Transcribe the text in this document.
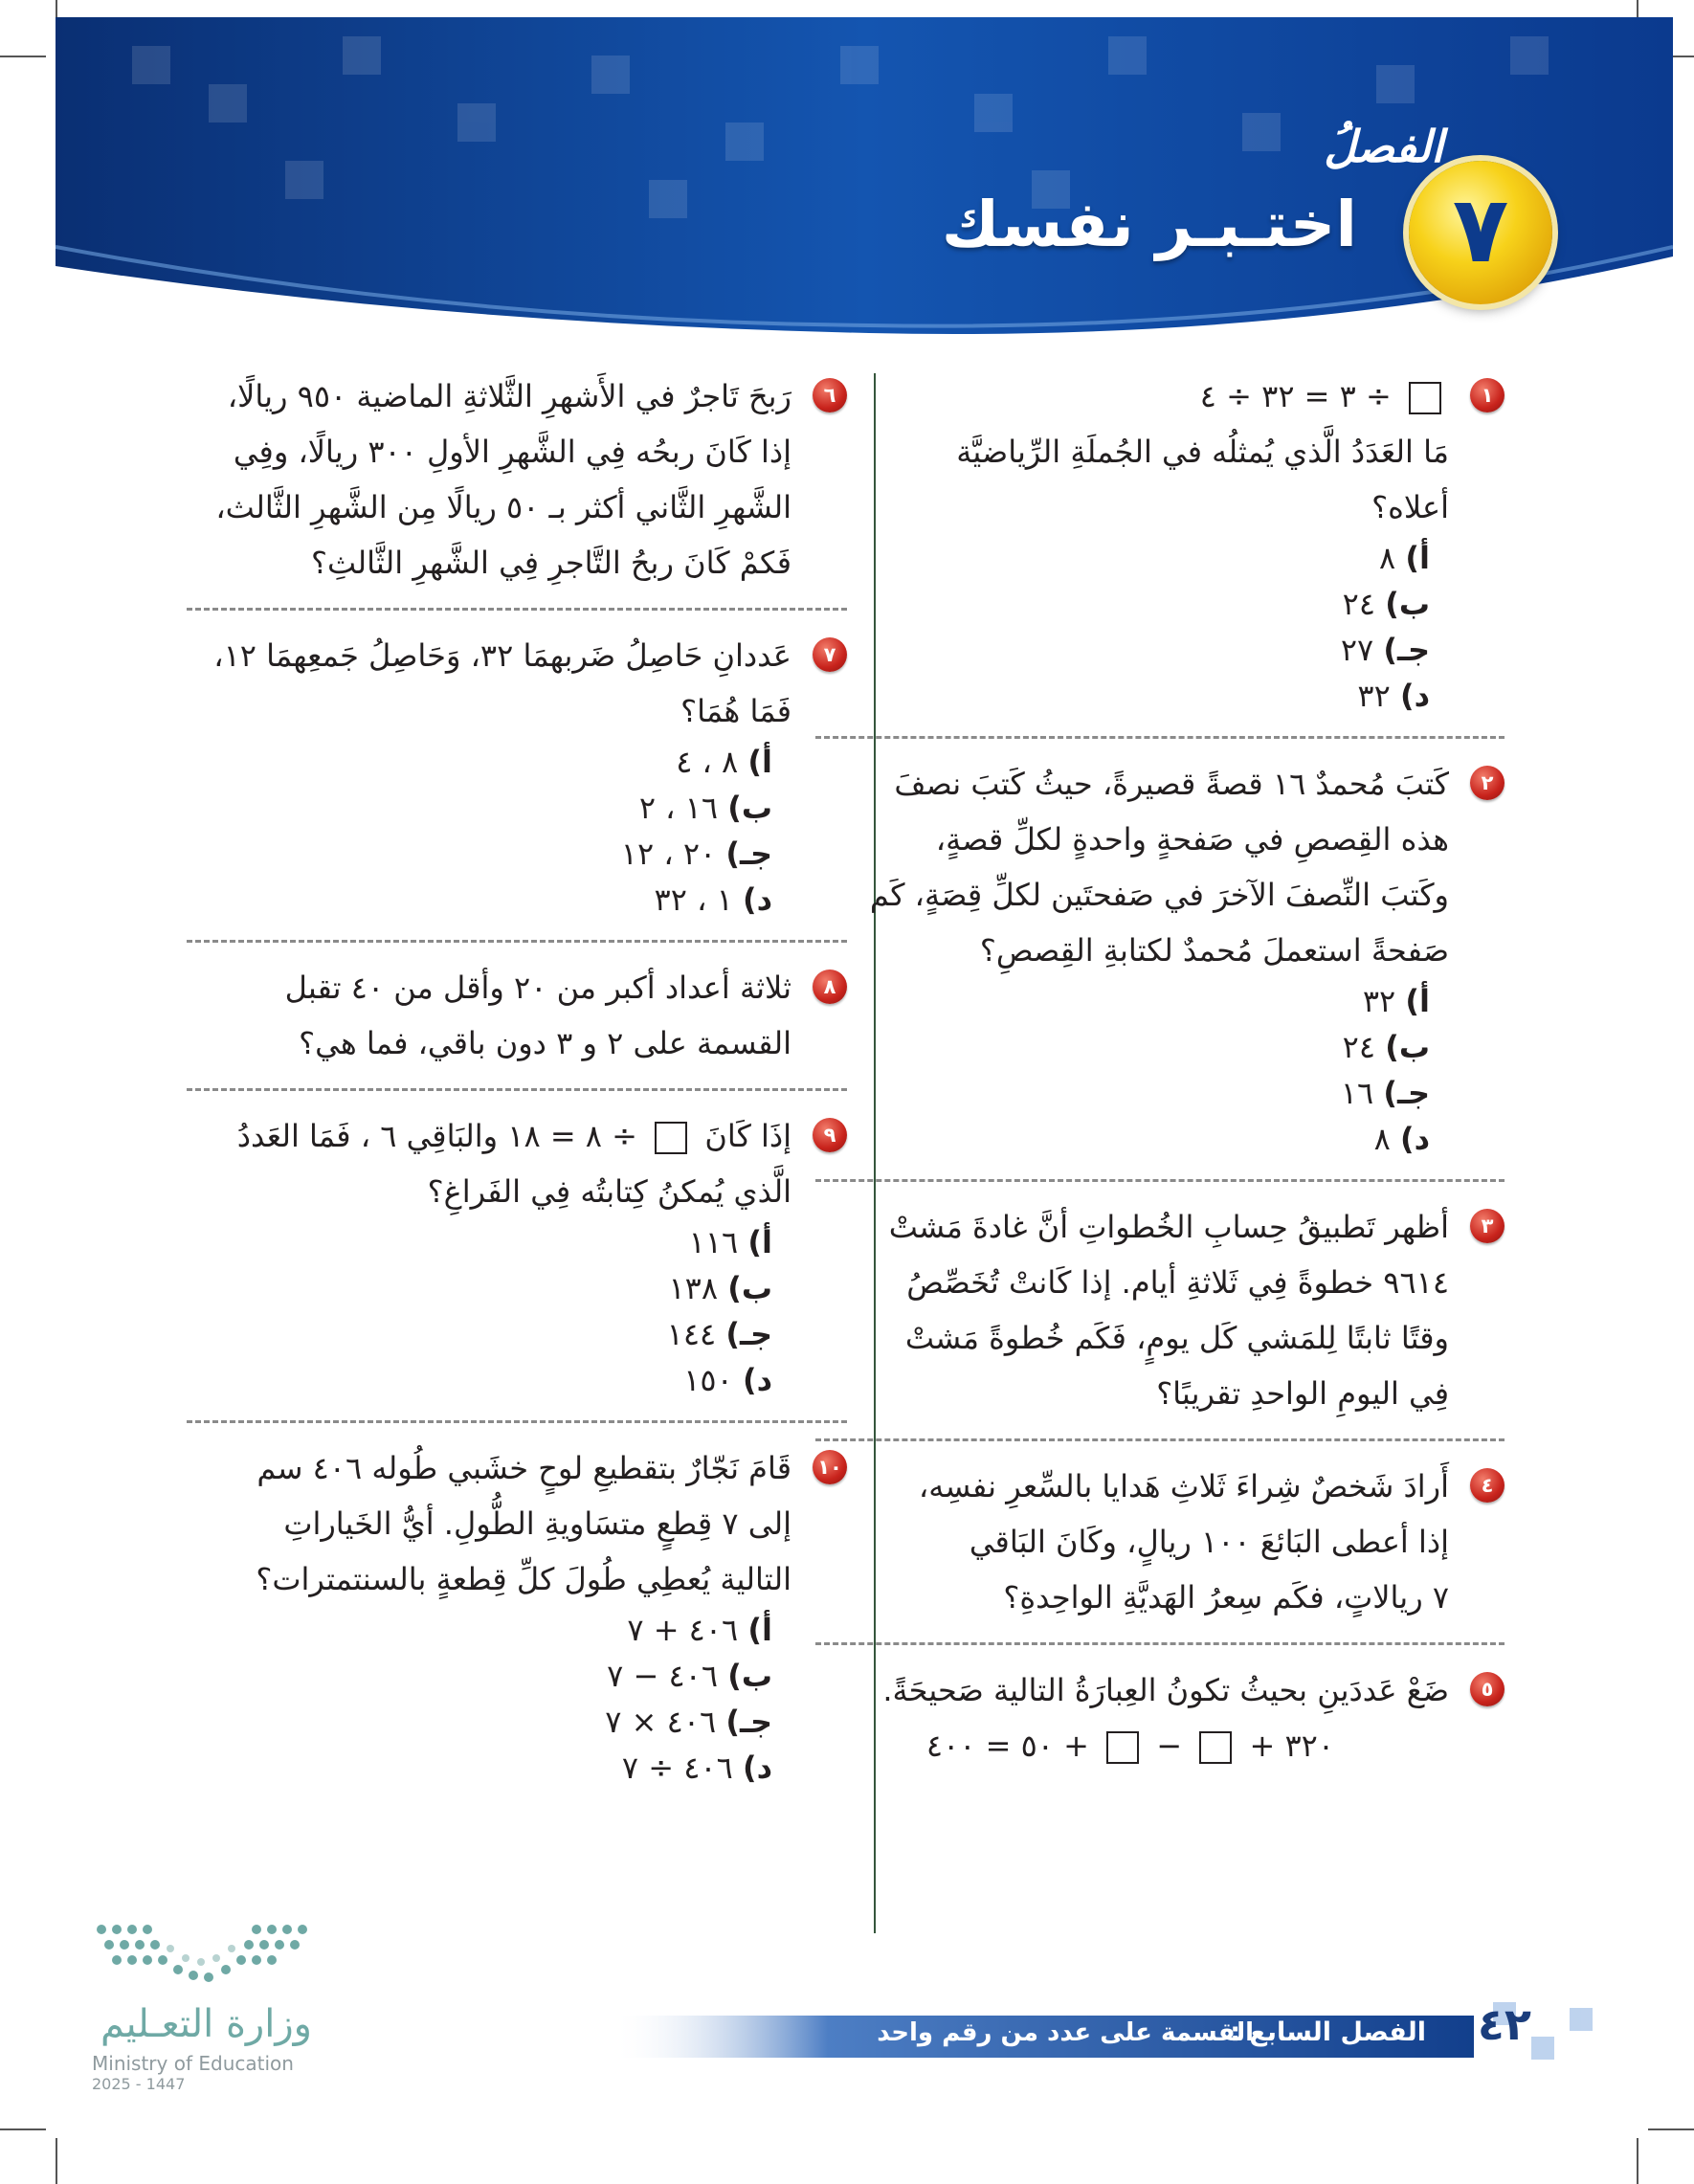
الفصلُ
٧
اختـبـر نفسك
١
÷ ٣ = ٣٢ ÷ ٤
مَا العَدَدُ الَّذي يُمثلُه في الجُملَةِ الرِّياضيَّة
أعلاه؟
أ) ٨
ب) ٢٤
جـ) ٢٧
د) ٣٢
٢
كَتبَ مُحمدٌ ١٦ قصةً قصيرةً، حيثُ كَتبَ نصفَ
هذه القِصصِ في صَفحةٍ واحدةٍ لكلِّ قصةٍ،
وكَتبَ النِّصفَ الآخرَ في صَفحتَين لكلِّ قِصَةٍ، كَم
صَفحةً استعملَ مُحمدٌ لكتابةِ القِصصِ؟
أ) ٣٢
ب) ٢٤
جـ) ١٦
د) ٨
٣
أظهر تَطبيقُ حِسابِ الخُطواتِ أنَّ غادةَ مَشتْ
٩٦١٤ خطوةً فِي ثَلاثةِ أيام. إذا كَانتْ تُخَصِّصُ
وقتًا ثابتًا لِلمَشي كَل يومٍ، فَكَم خُطوةً مَشتْ
فِي اليومِ الواحدِ تقريبًا؟
٤
أَرادَ شَخصٌ شِراءَ ثَلاثِ هَدايا بالسِّعرِ نفسِه،
إذا أعطى البَائعَ ١٠٠ ريالٍ، وكَانَ البَاقي
٧ ريالاتٍ، فكَم سِعرُ الهَديَّةِ الواحِدةِ؟
٥
ضَعْ عَددَينِ بحيثُ تكونُ العِبارَةُ التالية صَحيحَةً.
٣٢٠ +  −  + ٥٠ = ٤٠٠
٦
رَبحَ تَاجرٌ في الأَشهرِ الثَّلاثةِ الماضية ٩٥٠ ريالًا،
إذا كَانَ ربحُه فِي الشَّهرِ الأولِ ٣٠٠ ريالًا، وفِي
الشَّهرِ الثَّاني أكثر بـ ٥٠ ريالًا مِن الشَّهرِ الثَّالث،
فَكمْ كَانَ ربحُ التَّاجرِ فِي الشَّهرِ الثَّالثِ؟
٧
عَددانِ حَاصِلُ ضَربهمَا ٣٢، وَحَاصِلُ جَمعِهمَا ١٢،
فَمَا هُمَا؟
أ) ٨ ، ٤
ب) ١٦ ، ٢
جـ) ٢٠ ، ١٢
د) ١ ، ٣٢
٨
ثلاثة أعداد أكبر من ٢٠ وأقل من ٤٠ تقبل
القسمة على ٢ و ٣ دون باقي، فما هي؟
٩
إذَا كَانَ  ÷ ٨ = ١٨ والبَاقِي ٦ ، فَمَا العَددُ
الَّذي يُمكنُ كِتابتُه فِي الفَراغِ؟
أ) ١١٦
ب) ١٣٨
جـ) ١٤٤
د) ١٥٠
١٠
قَامَ نَجّارٌ بتقطيعِ لوحٍ خشَبي طُوله ٤٠٦ سم
إلى ٧ قِطعٍ متسَاويةِ الطُّولِ. أيُّ الخَياراتِ
التالية يُعطِي طُولَ كلِّ قِطعةٍ بالسنتمترات؟
أ) ٤٠٦ + ٧
ب) ٤٠٦ − ٧
جـ) ٤٠٦ × ٧
د) ٤٠٦ ÷ ٧
وزارة التعـليم
Ministry of Education
2025 - 1447
٤٢
الفصل السابع :
القسمة على عدد من رقم واحد
